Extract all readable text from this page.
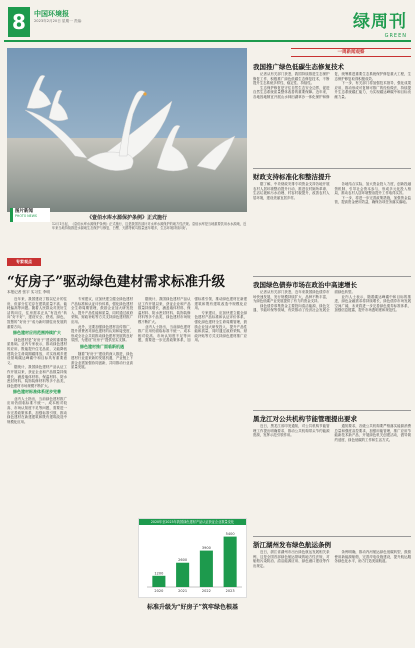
8	中国环境报
2023年2月20日 星期一 责编：	绿周刊
GREEN
图片新闻
PHOTO NEWS	《壹佰水库水源保护条例》正式施行
12月1日起，《壹佰水库水源保护条例》正式施行，这是我国首部针对水库水源保护的地方性法规。壹佰水库是当地重要饮用水水源地，近年来当地持续推进水源地生态保护与修复，白鹭、天鹅等候鸟数量逐年增多，生态环境持续向好。
一周新闻观察
我国推广绿色低碳生态修复技术

记者从有关部门获悉，我国持续推进生态保护修复工作，积极推广绿色低碳生态修复技术，不断提升生态系统多样性、稳定性、持续性。

生态保护修复是守住自然生态安全边界、促进自然生态系统质量整体改善的重要保障。近年来，各地因地制宜开展山水林田湖草沙一体化保护和修复，统筹推进重要生态系统保护修复重大工程，生态保护修复取得积极成效。

下一步，有关部门将加强技术指导，强化成果应用，推动形成可复制可推广的经验做法，持续提升生态系统碳汇能力，为实现碳达峰碳中和目标贡献力量。

财政支持标准化和整洁提升

据了解，中央财政安排专项资金支持各地开展农村人居环境整治提升行动，推进农村厕所革命、生活垃圾和污水治理、村容村貌提升，改善农村人居环境，建设美丽宜居乡村。

各地结合实际，加大资金投入力度，创新投融资机制，引导社会资本参与，形成多元化投入格局，推动农村人居环境整治提升工作取得实效。

下一步，将进一步完善政策措施，加强资金监管，提高资金使用效益，确保各项任务落实落地。

我国绿色债券市场在政治中高速增长

记者从有关部门获悉，近年来我国绿色债券市场快速发展，发行规模持续扩大，品种不断丰富，为绿色低碳产业发展提供了有力的资金支持。

绿色债券募集资金主要投向清洁能源、绿色交通、节能环保等领域，有效推动了经济社会发展全面绿色转型。

业内人士表示，随着碳达峰碳中和目标的推进，绿色金融需求将持续增长，绿色债券市场发展空间广阔，未来将进一步完善绿色债券标准体系，加强信息披露，提升市场透明度和规范性。

黑龙江对公共机构节能管理提出要求

近日，黑龙江省印发通知，对公共机构节能管理工作提出明确要求，推动公共机构带头节约能源资源，发挥示范引领作用。

通知要求，各级公共机构要严格落实能源消费总量和强度双控要求，加强用能管理，推广应用节能新技术新产品，开展绿色机关创建活动，倡导简约适度、绿色低碳的工作和生活方式。

浙江湖州发布绿色航运条例

近日，浙江省湖州市出台绿色航运发展相关条例，这是全国首部绿色航运领域的地方性法规，对船舶污染防治、清洁能源应用、绿色港口建设等作出规定。

条例明确，推动内河航运绿色低碳转型，鼓励使用新能源船舶，完善岸电设施建设，提升航运服务绿色化水平，助力打造美丽航道。

专家观点
“好房子”驱动绿色建材需求标准升级
本报记者 张宇 实习生 李明

近年来，我国建设了数以亿计的住房，但部分住宅存在建筑质量不高、能耗偏高等问题。随着人民群众对美好生活的向往，住房需求正从“有没有”转向“好不好”，建设安全、舒适、绿色、智慧的“好房子”成为新时期住房发展的重要方向。

绿色建材应用范围持续扩大

绿色建材是“好房子”建设的重要物质基础。业内专家表示，推动绿色建材的应用，既能提升住宅品质，又能降低建筑全生命周期碳排放，对实现城乡建设领域碳达峰碳中和目标具有重要意义。

据统计，我国绿色建材产品认证工作开展以来，获证企业和产品数量持续增长，涵盖墙体材料、保温材料、防水密封材料、装饰装修材料等多个品类，绿色建材市场规模不断扩大。

绿色建材标准体系逐步完善

业内人士指出，当前绿色建材推广应用仍面临标准不统一、成本相对较高、市场认知度不足等问题，需要进一步完善政策体系，加强标准引领，推动绿色建材在新建建筑和既有建筑改造中规模化应用。

专家建议，应加快建立健全绿色建材产品标准和认证评价体系，强化绿色建材全生命周期管理，鼓励企业加大研发投入，提升产品性能和质量，同时通过政府采购、财政补贴等方式支持绿色建材推广应用。

此外，还要加强绿色建材宣传推广，提升消费者对绿色建材的认知和接受度，形成全社会共同推动绿色建材发展的良好氛围，为建设“好房子”提供坚实支撑。

绿色建材推广面临新机遇

随着“好房子”建设的深入推进，绿色建材行业迎来新的发展机遇，产业链上下游企业需加强协同创新，共同推动行业高质量发展。

据统计，我国绿色建材产品认证工作开展以来，获证企业和产品数量持续增长，涵盖墙体材料、保温材料、防水密封材料、装饰装修材料等多个品类，绿色建材市场规模不断扩大。

业内人士指出，当前绿色建材推广应用仍面临标准不统一、成本相对较高、市场认知度不足等问题，需要进一步完善政策体系，加强标准引领，推动绿色建材在新建建筑和既有建筑改造中规模化应用。

专家建议，应加快建立健全绿色建材产品标准和认证评价体系，强化绿色建材全生命周期管理，鼓励企业加大研发投入，提升产品性能和质量，同时通过政府采购、财政补贴等方式支持绿色建材推广应用。

2020年至2023年我国绿色建材产品认证获证企业数量变化
1200
2020
2600
2021
3900
2022
5400
2023
标准升级为“好房子”筑牢绿色根基
